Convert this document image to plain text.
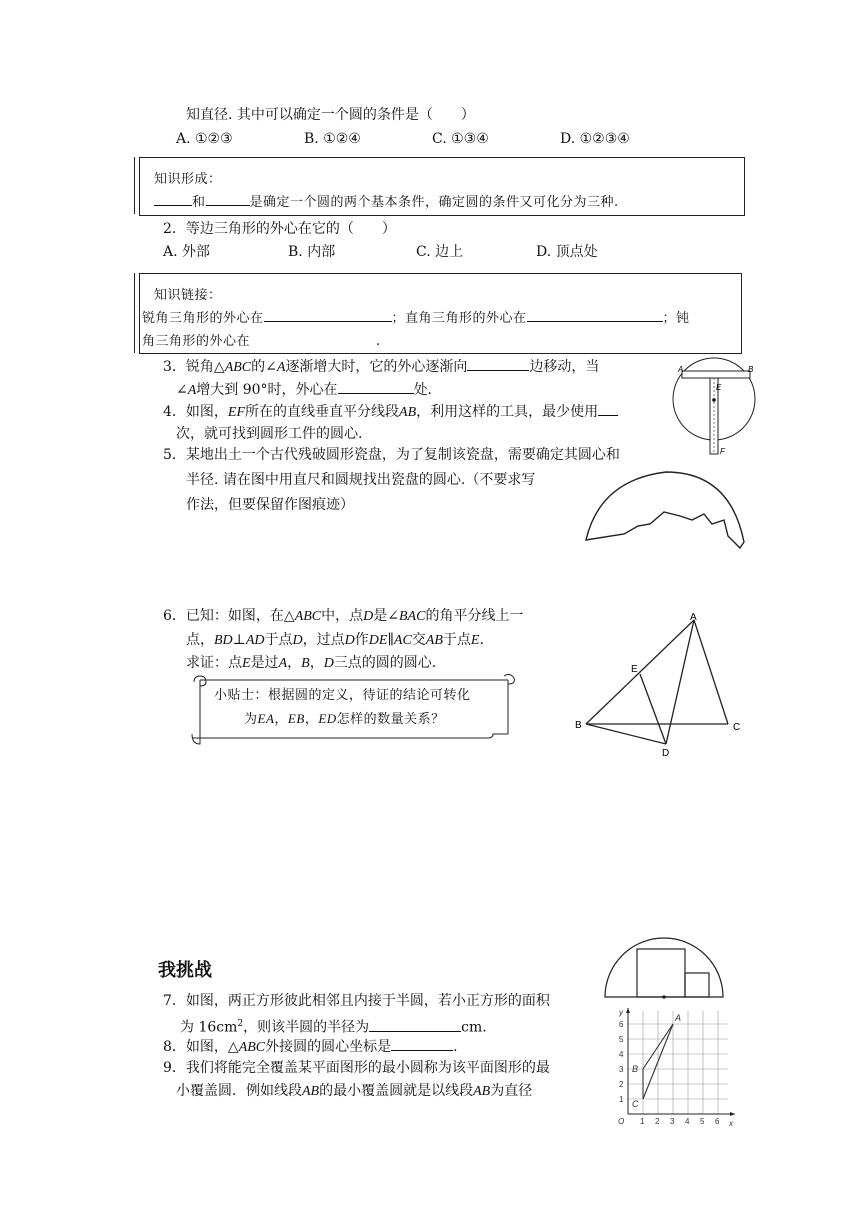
知直径. 其中可以确定一个圆的条件是（　　）
A. ①②③	B. ①②④	C. ①③④	D. ①②③④
知识形成：
和	是确定一个圆的两个基本条件，确定圆的条件又可化分为三种.
2．等边三角形的外心在它的（　　）
A. 外部	B. 内部	C. 边上	D. 顶点处
知识链接：
锐角三角形的外心在	；直角三角形的外心在	；钝
角三角形的外心在	.
3．锐角△ABC的∠A逐渐增大时，它的外心逐渐向	边移动，当
∠A增大到 90°时，外心在	处.
4．如图，EF所在的直线垂直平分线段AB，利用这样的工具，最少使用
次，就可找到圆形工件的圆心.
A	B
E
F
5．某地出土一个古代残破圆形瓷盘，为了复制该瓷盘，需要确定其圆心和
半径. 请在图中用直尺和圆规找出瓷盘的圆心.（不要求写
作法，但要保留作图痕迹）
6．已知：如图，在△ABC中，点D是∠BAC的角平分线上一
点，BD⊥AD于点D，过点D作DE∥AC交AB于点E.
求证：点E是过A，B，D三点的圆的圆心.
小贴士：根据圆的定义，待证的结论可转化
为EA，EB，ED怎样的数量关系？
A
B	C
D
E
我挑战
7．如图，两正方形彼此相邻且内接于半圆，若小正方形的面积
为 $16cm^2$，则该半圆的半径为	cm.
8．如图，△ABC外接圆的圆心坐标是	.
9．我们将能完全覆盖某平面图形的最小圆称为该平面图形的最
小覆盖圆．例如线段AB的最小覆盖圆就是以线段AB为直径
y
x
O 1 2 3 4 5 6
1
2
3
4
5
6
A
B
C
